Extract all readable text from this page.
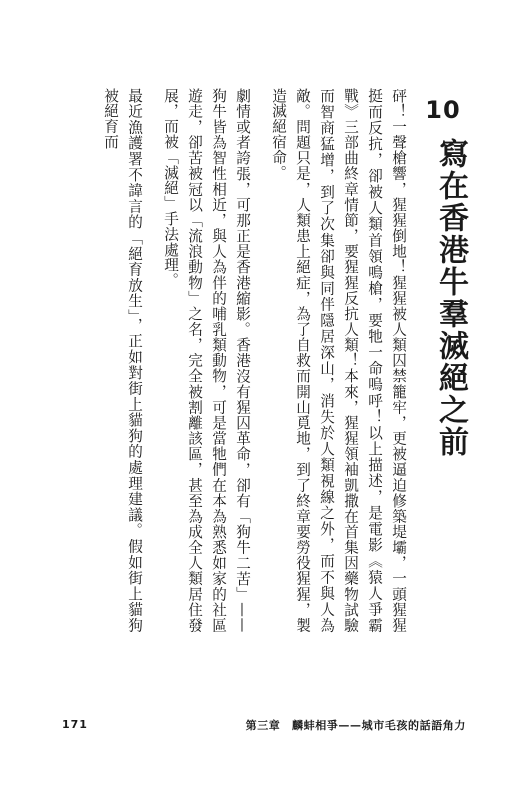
10
寫在香港牛羣滅絕之前

砰！一聲槍響，猩猩倒地！猩猩被人類囚禁籠牢，更被逼迫修築堤壩，一頭猩猩挺而反抗，卻被人類首領鳴槍，要牠一命嗚呼！以上描述，是電影《猿人爭霸戰》三部曲終章情節，要猩猩反抗人類！本來，猩猩領袖凱撒在首集因藥物試驗而智商猛增，到了次集卻與同伴隱居深山，消失於人類視線之外，而不與人為敵。問題只是，人類患上絕症，為了自救而開山覓地，到了終章要勞役猩猩，製造滅絕宿命。

劇情或者誇張，可那正是香港縮影。香港沒有猩囚革命，卻有「狗牛二苦」——狗牛皆為智性相近，與人為伴的哺乳類動物，可是當牠們在本為熟悉如家的社區遊走，卻苦被冠以「流浪動物」之名，完全被割離該區，甚至為成全人類居住發展，而被「滅絕」手法處理。

最近漁護署不諱言的「絕育放生」，正如對街上貓狗的處理建議。假如街上貓狗被絕育而

171	第三章　麟蚌相爭——城市毛孩的話語角力
